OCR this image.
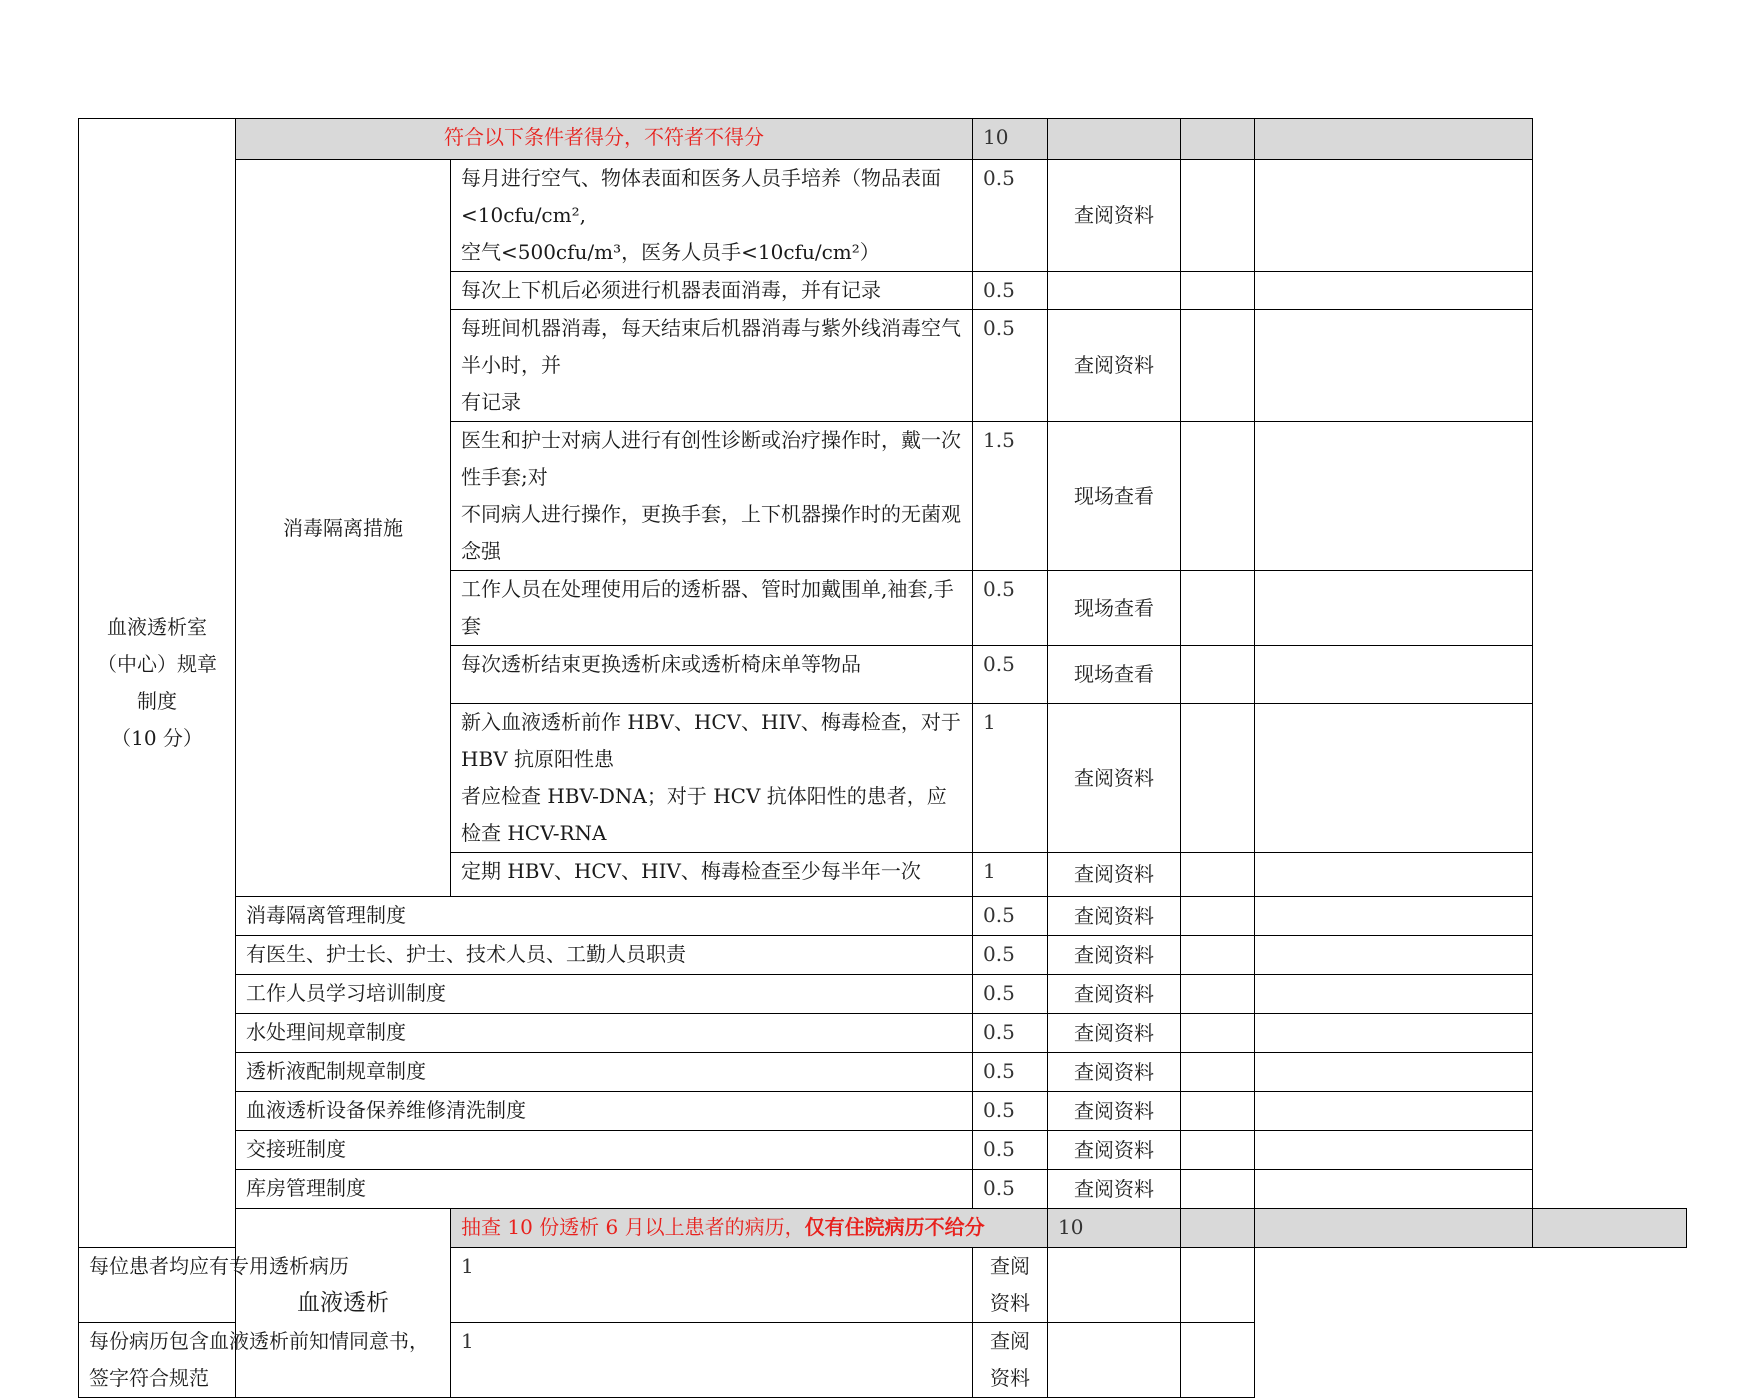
血液透析室
（中心）规章
制度
（10 分）	符合以下条件者得分，不符者不得分		10				
	消毒隔离措施	每月进行空气、物体表面和医务人员手培养（物品表面<10cfu/cm²,
空气<500cfu/m³，医务人员手<10cfu/cm²）	0.5	查阅资料			

		每次上下机后必须进行机器表面消毒，并有记录	0.5				

		每班间机器消毒，每天结束后机器消毒与紫外线消毒空气半小时，并
有记录	0.5	查阅资料			

		医生和护士对病人进行有创性诊断或治疗操作时，戴一次性手套;对
不同病人进行操作，更换手套，上下机器操作时的无菌观念强	1.5	现场查看			

		工作人员在处理使用后的透析器、管时加戴围单,袖套,手套	0.5	现场查看			

		每次透析结束更换透析床或透析椅床单等物品	0.5	现场查看			

		新入血液透析前作 HBV、HCV、HIV、梅毒检查，对于 HBV 抗原阳性患
者应检查 HBV-DNA；对于 HCV 抗体阳性的患者，应检查 HCV-RNA	1	查阅资料			

		定期 HBV、HCV、HIV、梅毒检查至少每半年一次	1	查阅资料			
	消毒隔离管理制度		0.5	查阅资料			
	有医生、护士长、护士、技术人员、工勤人员职责		0.5	查阅资料			
	工作人员学习培训制度		0.5	查阅资料			
	水处理间规章制度		0.5	查阅资料			
	透析液配制规章制度		0.5	查阅资料			
	血液透析设备保养维修清洗制度		0.5	查阅资料			
	交接班制度		0.5	查阅资料			
	库房管理制度		0.5	查阅资料			
	血液透析	抽查 10 份透析 6 月以上患者的病历，仅有住院病历不给分		10			
每位患者均应有专用透析病历		1	查阅资料				
每份病历包含血液透析前知情同意书，签字符合规范		1	查阅资料				
